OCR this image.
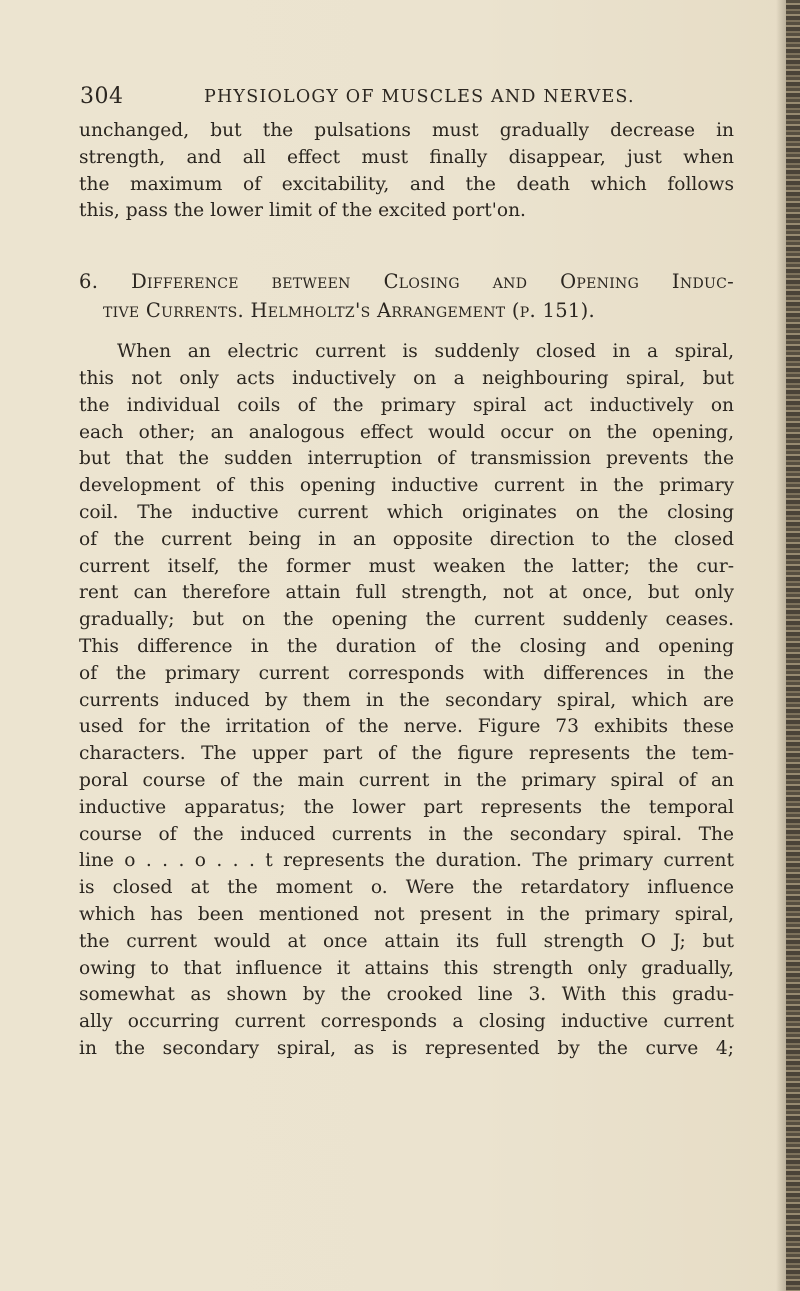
304	PHYSIOLOGY OF MUSCLES AND NERVES.
unchanged, but the pulsations must gradually decrease in
strength, and all effect must finally disappear, just when
the maximum of excitability, and the death which follows
this, pass the lower limit of the excited port'on.
6. Difference between Closing and Opening Induc-
tive Currents. Helmholtz's Arrangement (p. 151).
When an electric current is suddenly closed in a spiral,
this not only acts inductively on a neighbouring spiral, but
the individual coils of the primary spiral act inductively on
each other; an analogous effect would occur on the opening,
but that the sudden interruption of transmission prevents the
development of this opening inductive current in the primary
coil. The inductive current which originates on the closing
of the current being in an opposite direction to the closed
current itself, the former must weaken the latter; the cur-
rent can therefore attain full strength, not at once, but only
gradually; but on the opening the current suddenly ceases.
This difference in the duration of the closing and opening
of the primary current corresponds with differences in the
currents induced by them in the secondary spiral, which are
used for the irritation of the nerve. Figure 73 exhibits these
characters. The upper part of the figure represents the tem-
poral course of the main current in the primary spiral of an
inductive apparatus; the lower part represents the temporal
course of the induced currents in the secondary spiral. The
line o . . . o . . . t represents the duration. The primary current
is closed at the moment o. Were the retardatory influence
which has been mentioned not present in the primary spiral,
the current would at once attain its full strength O J; but
owing to that influence it attains this strength only gradually,
somewhat as shown by the crooked line 3. With this gradu-
ally occurring current corresponds a closing inductive current
in the secondary spiral, as is represented by the curve 4;
